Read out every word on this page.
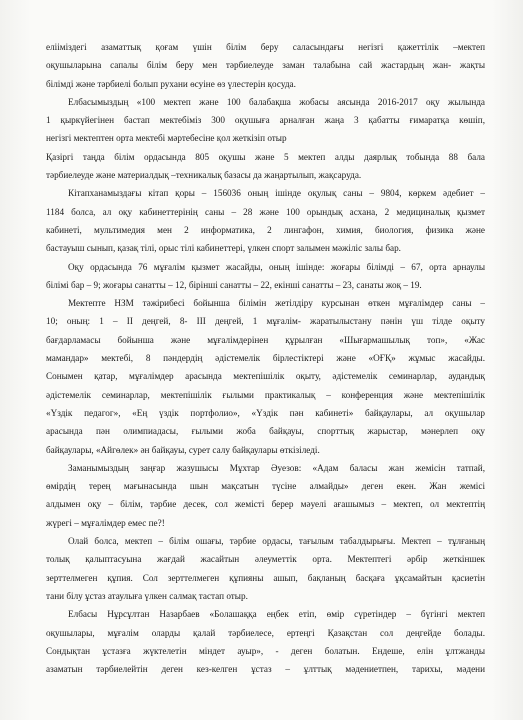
елііміздегі азаматтық қоғам үшін білім беру саласындағы негізгі қажеттілік –мектеп
оқушыларына сапалы білім беру мен тәрбиелеуде заман талабына сай жастардың жан- жақты
білімді және тәрбиелі болып рухани өсуіне өз үлестерін қосуда.
Елбасымыздың «100 мектеп және 100 балабақша жобасы аясында 2016-2017 оқу жылында
1 қыркүйегінен бастап мектебіміз 300 оқушыға арналған жаңа 3 қабатты ғимаратқа көшіп,
негізгі мектептен орта мектебі мәртебесіне қол жеткізіп отыр
Қазіргі таңда білім ордасында 805 оқушы және 5 мектеп алды даярлық тобында 88 бала
тәрбиелеуде және материалдық –техникалық базасы да жаңартылып, жақсаруда.
Кітапханамыздағы кітап қоры – 156036 оның ішінде оқулық саны – 9804, көркем әдебиет –
1184 болса, ал оқу кабинеттерінің саны – 28 және 100 орындық асхана, 2 медициналық қызмет
кабинеті, мультимедия мен 2 информатика, 2 лингафон, химия, биология, физика және
бастауыш сынып, қазақ тілі, орыс тілі кабинеттері, үлкен спорт залымен мәжіліс залы бар.
Оқу ордасында 76 мұғалім қызмет жасайды, оның ішінде: жоғары білімді – 67, орта арнаулы
білімі бар – 9; жоғары санатты – 12, бірінші санатты – 22, екінші санатты – 23, санаты жоқ – 19.
Мектепте НЗМ тәжірибесі бойынша білімін жетілдіру курсынан өткен мұғалімдер саны –
10; оның: 1 – II деңгей, 8- III деңгей, 1 мұғалім- жаратылыстану пәнін үш тілде оқыту
бағдарламасы бойынша және мұғалімдерінен құрылған «Шығармашылық топ», «Жас
мамандар» мектебі, 8 пәндердің әдістемелік бірлестіктері және «ОҒҚ» жұмыс жасайды.
Сонымен қатар, мұғалімдер арасында мектепішілік оқыту, әдістемелік семинарлар, аудандық
әдістемелік семинарлар, мектепішілік ғылыми практикалық – конференция және мектепішілік
«Үздік педагог», «Ең үздік портфолио», «Үздік пән кабинеті» байқаулары, ал оқушылар
арасында пән олимпиадасы, ғылыми жоба байқауы, спорттық жарыстар, мәнерлеп оқу
байқаулары, «Айгөлек» ән байқауы, сурет салу байқаулары өткізіледі.
Заманымыздың заңғар жазушысы Мұхтар Әуезов: «Адам баласы жан жемісін татпай,
өмірдің терең мағынасында шын мақсатын түсіне алмайды» деген екен. Жан жемісі
алдымен оқу – білім, тәрбие десек, сол жемісті берер мәуелі ағашымыз – мектеп, ол мектептің
жүрегі – мұғалімдер емес пе?!
Олай болса, мектеп – білім ошағы, тәрбие ордасы, тағылым табалдырығы. Мектеп – тұлғаның
толық қалыптасуына жағдай жасайтын әлеуметтік орта. Мектептегі әрбір жеткіншек
зерттелмеген құпия. Сол зерттелмеген құпияны ашып, бақланың басқаға ұқсамайтын қасиетін
тани білу ұстаз атаулыға үлкен салмақ тастап отыр.
Елбасы Нұрсұлтан Назарбаев «Болашаққа еңбек етіп, өмір сүретіндер – бүгінгі мектеп
оқушылары, мұғалім оларды қалай тәрбиелесе, ертеңгі Қазақстан сол деңгейде болады.
Сондықтан ұстазға жүктелетін міндет ауыр», - деген болатын. Ендеше, елін ұлтжанды
азаматын тәрбиелейтін деген кез-келген ұстаз – ұлттық мәдениетпен, тарихы, мәдени
